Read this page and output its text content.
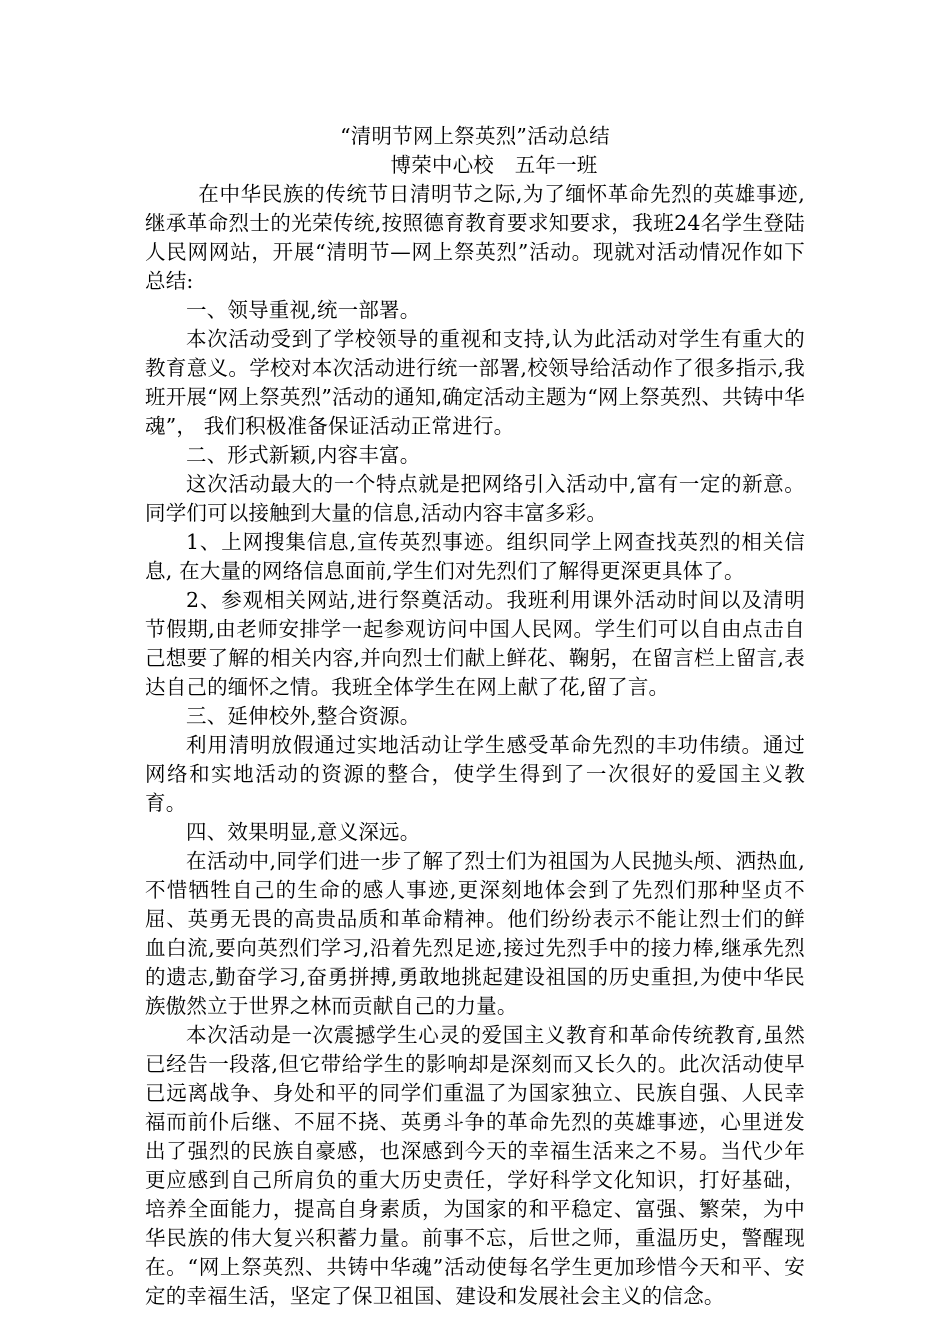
“清明节网上祭英烈”活动总结
博荣中心校　五年一班

在中华民族的传统节日清明节之际,为了缅怀革命先烈的英雄事迹,继承革命烈士的光荣传统,按照德育教育要求知要求，我班24名学生登陆人民网网站，开展“清明节—网上祭英烈”活动。现就对活动情况作如下总结:

一、领导重视,统一部署。

本次活动受到了学校领导的重视和支持,认为此活动对学生有重大的教育意义。学校对本次活动进行统一部署,校领导给活动作了很多指示,我班开展“网上祭英烈”活动的通知,确定活动主题为“网上祭英烈、共铸中华魂”， 我们积极准备保证活动正常进行。

二、形式新颖,内容丰富。

这次活动最大的一个特点就是把网络引入活动中,富有一定的新意。同学们可以接触到大量的信息,活动内容丰富多彩。

1、上网搜集信息,宣传英烈事迹。组织同学上网查找英烈的相关信息, 在大量的网络信息面前,学生们对先烈们了解得更深更具体了。

2、参观相关网站,进行祭奠活动。我班利用课外活动时间以及清明节假期,由老师安排学一起参观访问中国人民网。学生们可以自由点击自己想要了解的相关内容,并向烈士们献上鲜花、鞠躬，在留言栏上留言,表达自己的缅怀之情。我班全体学生在网上献了花,留了言。

三、延伸校外,整合资源。

利用清明放假通过实地活动让学生感受革命先烈的丰功伟绩。通过网络和实地活动的资源的整合，使学生得到了一次很好的爱国主义教育。

四、效果明显,意义深远。

在活动中,同学们进一步了解了烈士们为祖国为人民抛头颅、洒热血,不惜牺牲自己的生命的感人事迹,更深刻地体会到了先烈们那种坚贞不屈、英勇无畏的高贵品质和革命精神。他们纷纷表示不能让烈士们的鲜血白流,要向英烈们学习,沿着先烈足迹,接过先烈手中的接力棒,继承先烈的遗志,勤奋学习,奋勇拼搏,勇敢地挑起建设祖国的历史重担,为使中华民族傲然立于世界之林而贡献自己的力量。

本次活动是一次震撼学生心灵的爱国主义教育和革命传统教育,虽然已经告一段落,但它带给学生的影响却是深刻而又长久的。此次活动使早已远离战争、身处和平的同学们重温了为国家独立、民族自强、人民幸福而前仆后继、不屈不挠、英勇斗争的革命先烈的英雄事迹，心里迸发出了强烈的民族自豪感，也深感到今天的幸福生活来之不易。当代少年更应感到自己所肩负的重大历史责任，学好科学文化知识，打好基础，培养全面能力，提高自身素质，为国家的和平稳定、富强、繁荣，为中华民族的伟大复兴积蓄力量。前事不忘，后世之师，重温历史，警醒现在。“网上祭英烈、共铸中华魂”活动使每名学生更加珍惜今天和平、安定的幸福生活，坚定了保卫祖国、建设和发展社会主义的信念。
